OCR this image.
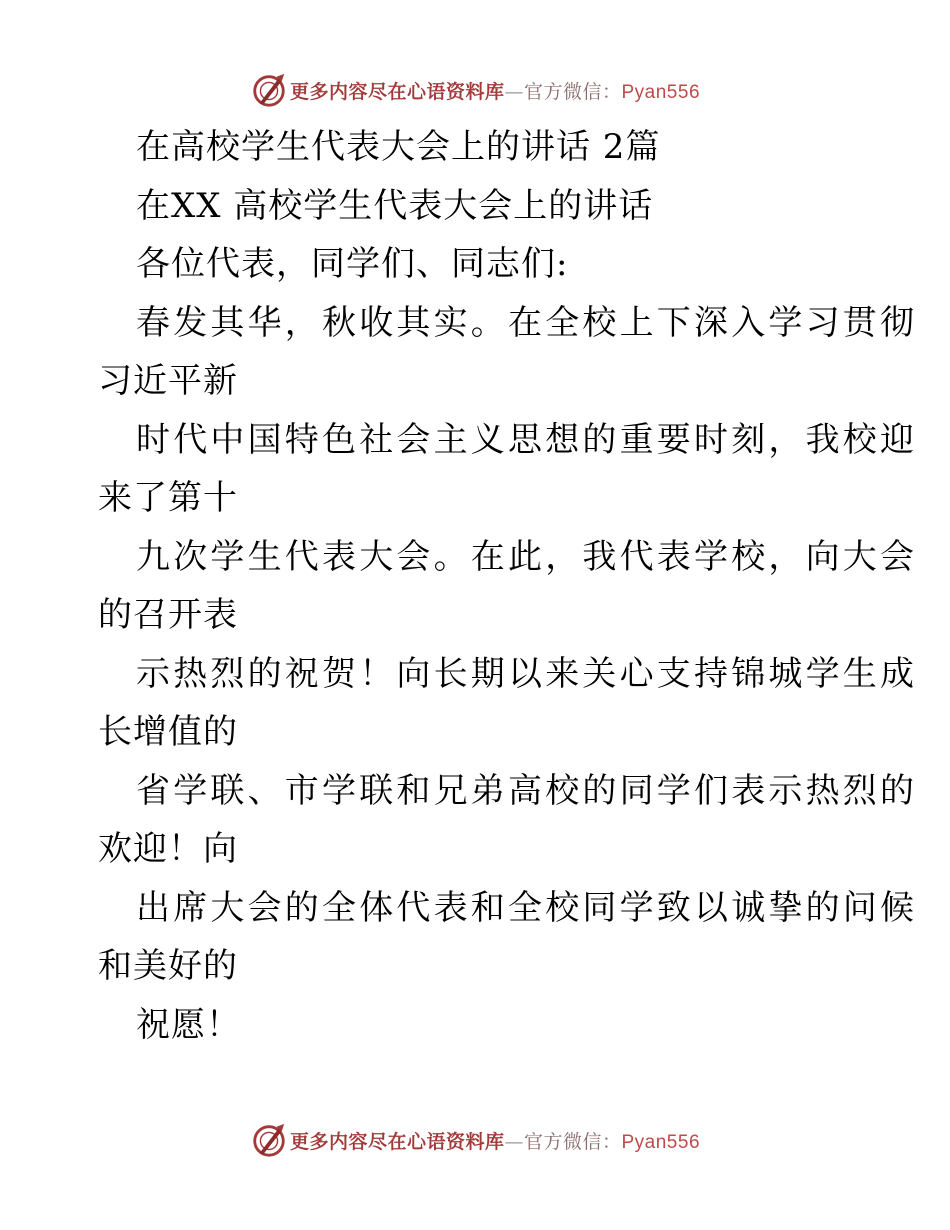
更多内容尽在心语资料库—官方微信：Pyan556
在高校学生代表大会上的讲话 2篇
在XX 高校学生代表大会上的讲话
各位代表，同学们、同志们:
春发其华，秋收其实。在全校上下深入学习贯彻
习近平新
时代中国特色社会主义思想的重要时刻，我校迎
来了第十
九次学生代表大会。在此，我代表学校，向大会
的召开表
示热烈的祝贺！向长期以来关心支持锦城学生成
长增值的
省学联、市学联和兄弟高校的同学们表示热烈的
欢迎！向
出席大会的全体代表和全校同学致以诚挚的问候
和美好的
祝愿！
更多内容尽在心语资料库—官方微信：Pyan556
